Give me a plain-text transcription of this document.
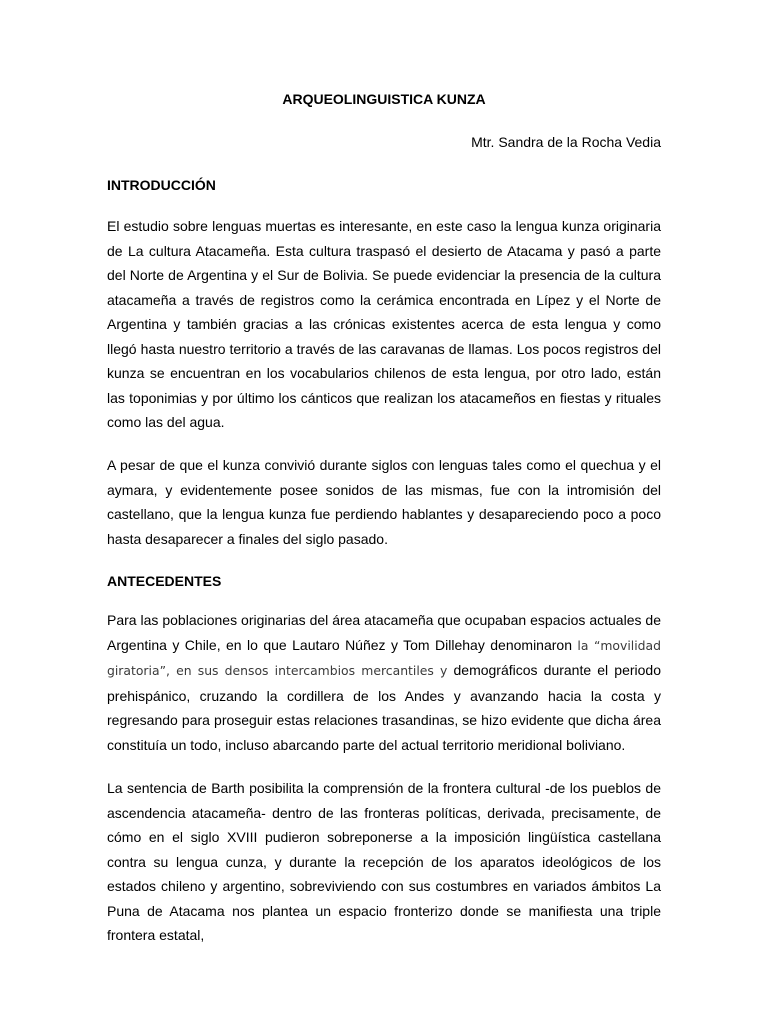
ARQUEOLINGUISTICA KUNZA

Mtr. Sandra de la Rocha Vedia

INTRODUCCIÓN

El estudio sobre lenguas muertas es interesante, en este caso la lengua kunza originaria de La cultura Atacameña. Esta cultura traspasó el desierto de Atacama y pasó a parte del Norte de Argentina y el Sur de Bolivia. Se puede evidenciar la presencia de la cultura atacameña a través de registros como la cerámica encontrada en Lípez y el Norte de Argentina y también gracias a las crónicas existentes acerca de esta lengua y como llegó hasta nuestro territorio a través de las caravanas de llamas. Los pocos registros del kunza se encuentran en los vocabularios chilenos de esta lengua, por otro lado, están las toponimias y por último los cánticos que realizan los atacameños en fiestas y rituales como las del agua.

A pesar de que el kunza convivió durante siglos con lenguas tales como el quechua y el aymara, y evidentemente posee sonidos de las mismas, fue con la intromisión del castellano, que la lengua kunza fue perdiendo hablantes y desapareciendo poco a poco hasta desaparecer a finales del siglo pasado.

ANTECEDENTES

Para las poblaciones originarias del área atacameña que ocupaban espacios actuales de Argentina y Chile, en lo que Lautaro Núñez y Tom Dillehay denominaron la “movilidad giratoria”, en sus densos intercambios mercantiles y demográficos durante el periodo prehispánico, cruzando la cordillera de los Andes y avanzando hacia la costa y regresando para proseguir estas relaciones trasandinas, se hizo evidente que dicha área constituía un todo, incluso abarcando parte del actual territorio meridional boliviano.

La sentencia de Barth posibilita la comprensión de la frontera cultural -de los pueblos de ascendencia atacameña- dentro de las fronteras políticas, derivada, precisamente, de cómo en el siglo XVIII pudieron sobreponerse a la imposición lingüística castellana contra su lengua cunza, y durante la recepción de los aparatos ideológicos de los estados chileno y argentino, sobreviviendo con sus costumbres en variados ámbitos La Puna de Atacama nos plantea un espacio fronterizo donde se manifiesta una triple frontera estatal,
